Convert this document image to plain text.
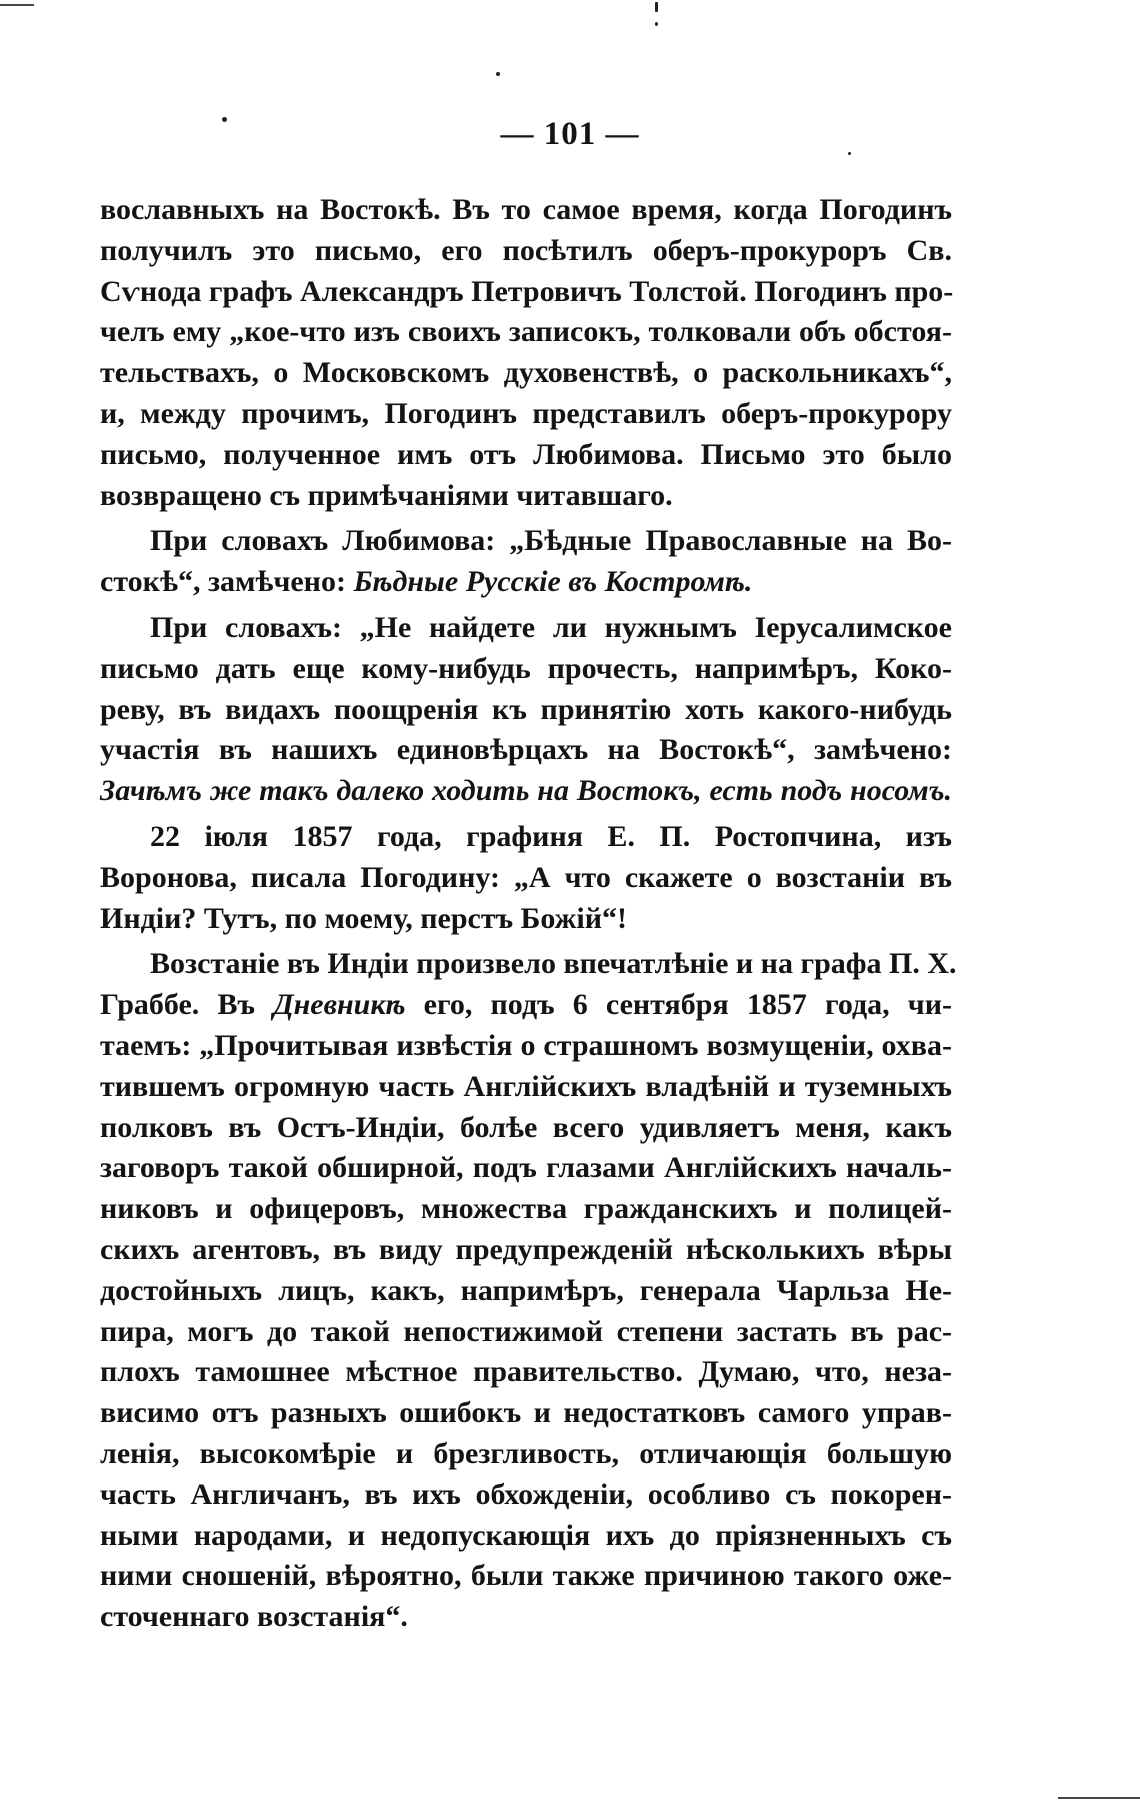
— 101 —
вославныхъ на Востокѣ. Въ то самое время, когда Погодинъ
получилъ это письмо, его посѣтилъ оберъ-прокуроръ Св.
Сѵнода графъ Александръ Петровичъ Толстой. Погодинъ про-
челъ ему „кое-что изъ своихъ записокъ, толковали объ обстоя-
тельствахъ, о Московскомъ духовенствѣ, о раскольникахъ“,
и, между прочимъ, Погодинъ представилъ оберъ-прокурору
письмо, полученное имъ отъ Любимова. Письмо это было
возвращено съ примѣчаніями читавшаго.
При словахъ Любимова: „Бѣдные Православные на Во-
стокѣ“, замѣчено: Бѣдные Русскіе въ Костромѣ.
При словахъ: „Не найдете ли нужнымъ Іерусалимское
письмо дать еще кому-нибудь прочесть, напримѣръ, Коко-
реву, въ видахъ поощренія къ принятію хоть какого-нибудь
участія въ нашихъ единовѣрцахъ на Востокѣ“, замѣчено:
Зачѣмъ же такъ далеко ходить на Востокъ, есть подъ носомъ.
22 іюля 1857 года, графиня Е. П. Ростопчина, изъ
Воронова, писала Погодину: „А что скажете о возстаніи въ
Индіи? Тутъ, по моему, перстъ Божій“!
Возстаніе въ Индіи произвело впечатлѣніе и на графа П. Х.
Граббе. Въ Дневникѣ его, подъ 6 сентября 1857 года, чи-
таемъ: „Прочитывая извѣстія о страшномъ возмущеніи, охва-
тившемъ огромную часть Англійскихъ владѣній и туземныхъ
полковъ въ Остъ-Индіи, болѣе всего удивляетъ меня, какъ
заговоръ такой обширной, подъ глазами Англійскихъ началь-
никовъ и офицеровъ, множества гражданскихъ и полицей-
скихъ агентовъ, въ виду предупрежденій нѣсколькихъ вѣры
достойныхъ лицъ, какъ, напримѣръ, генерала Чарльза Не-
пира, могъ до такой непостижимой степени застать въ рас-
плохъ тамошнее мѣстное правительство. Думаю, что, неза-
висимо отъ разныхъ ошибокъ и недостатковъ самого управ-
ленія, высокомѣріе и брезгливость, отличающія большую
часть Англичанъ, въ ихъ обхожденіи, особливо съ покорен-
ными народами, и недопускающія ихъ до пріязненныхъ съ
ними сношеній, вѣроятно, были также причиною такого оже-
сточеннаго возстанія“.
